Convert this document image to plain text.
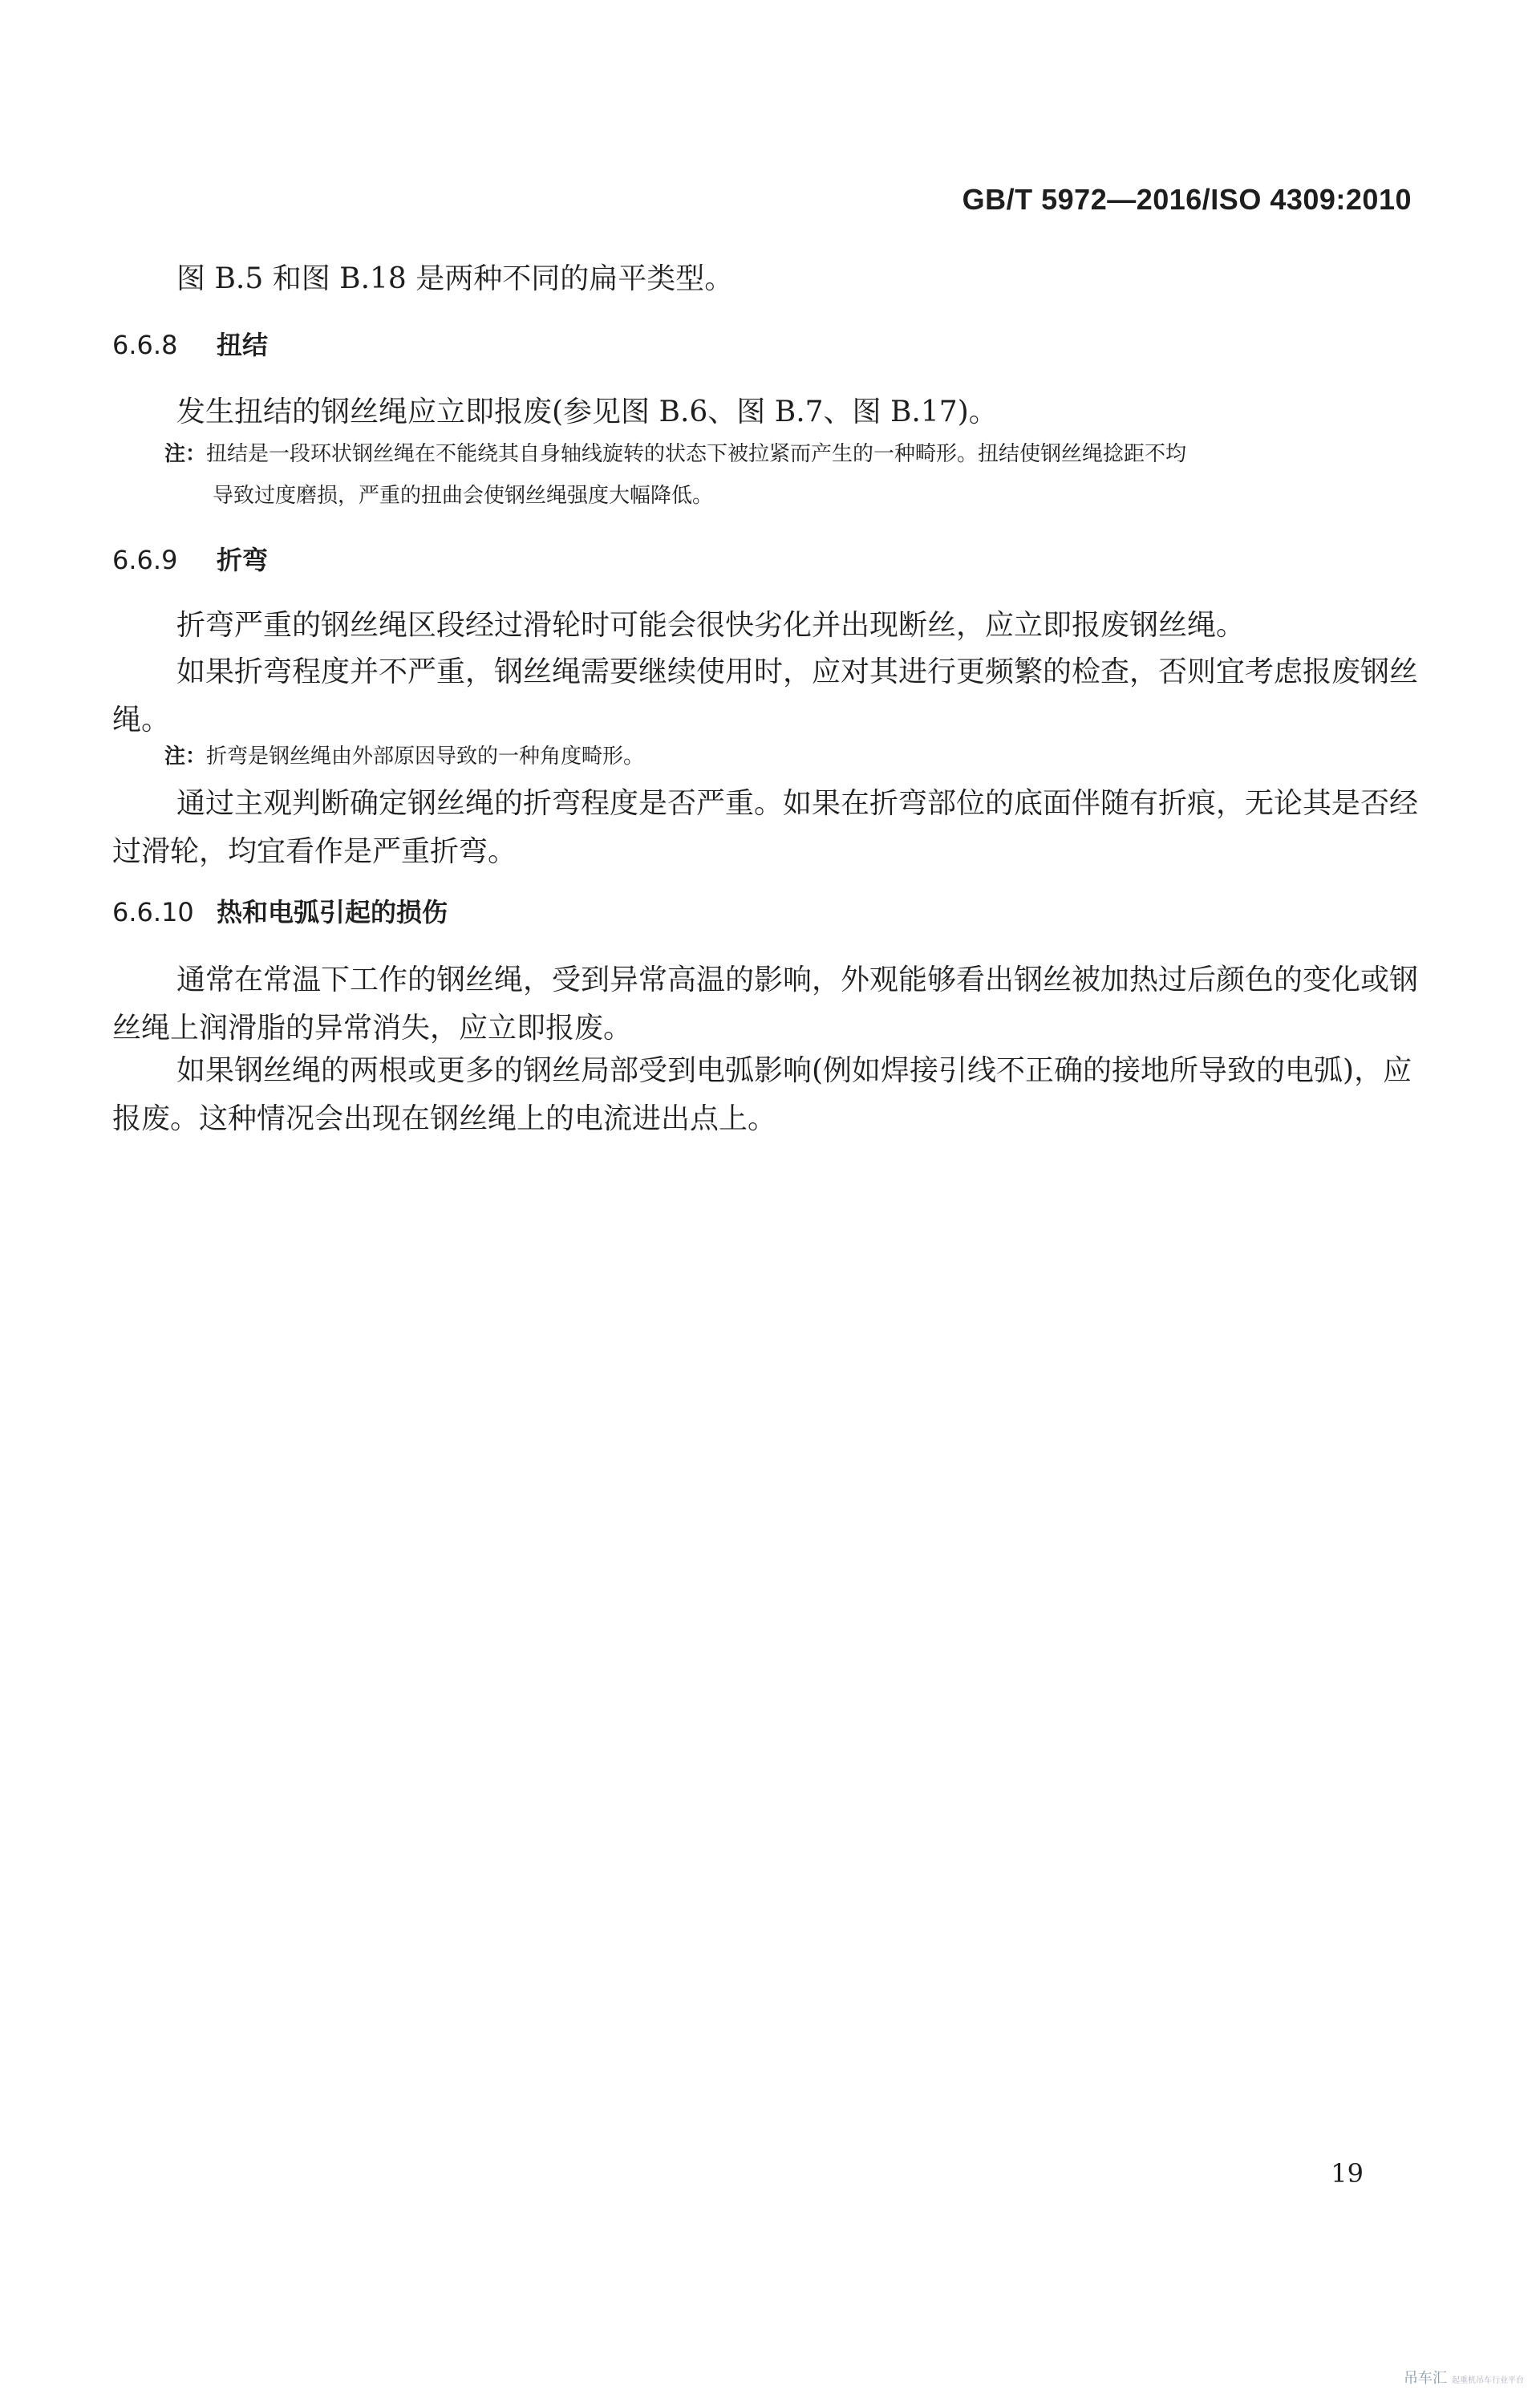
GB/T 5972—2016/ISO 4309:2010

图 B.5 和图 B.18 是两种不同的扁平类型。

6.6.8 扭结

发生扭结的钢丝绳应立即报废(参见图 B.6、图 B.7、图 B.17)。

注：扭结是一段环状钢丝绳在不能绕其自身轴线旋转的状态下被拉紧而产生的一种畸形。扭结使钢丝绳捻距不均
导致过度磨损，严重的扭曲会使钢丝绳强度大幅降低。
6.6.9 折弯

折弯严重的钢丝绳区段经过滑轮时可能会很快劣化并出现断丝，应立即报废钢丝绳。

如果折弯程度并不严重，钢丝绳需要继续使用时，应对其进行更频繁的检查，否则宜考虑报废钢丝绳。

注：折弯是钢丝绳由外部原因导致的一种角度畸形。

通过主观判断确定钢丝绳的折弯程度是否严重。如果在折弯部位的底面伴随有折痕，无论其是否经过滑轮，均宜看作是严重折弯。

6.6.10 热和电弧引起的损伤

通常在常温下工作的钢丝绳，受到异常高温的影响，外观能够看出钢丝被加热过后颜色的变化或钢丝绳上润滑脂的异常消失，应立即报废。

如果钢丝绳的两根或更多的钢丝局部受到电弧影响(例如焊接引线不正确的接地所导致的电弧)，应报废。这种情况会出现在钢丝绳上的电流进出点上。

19
吊车汇 起重机吊车行业平台
